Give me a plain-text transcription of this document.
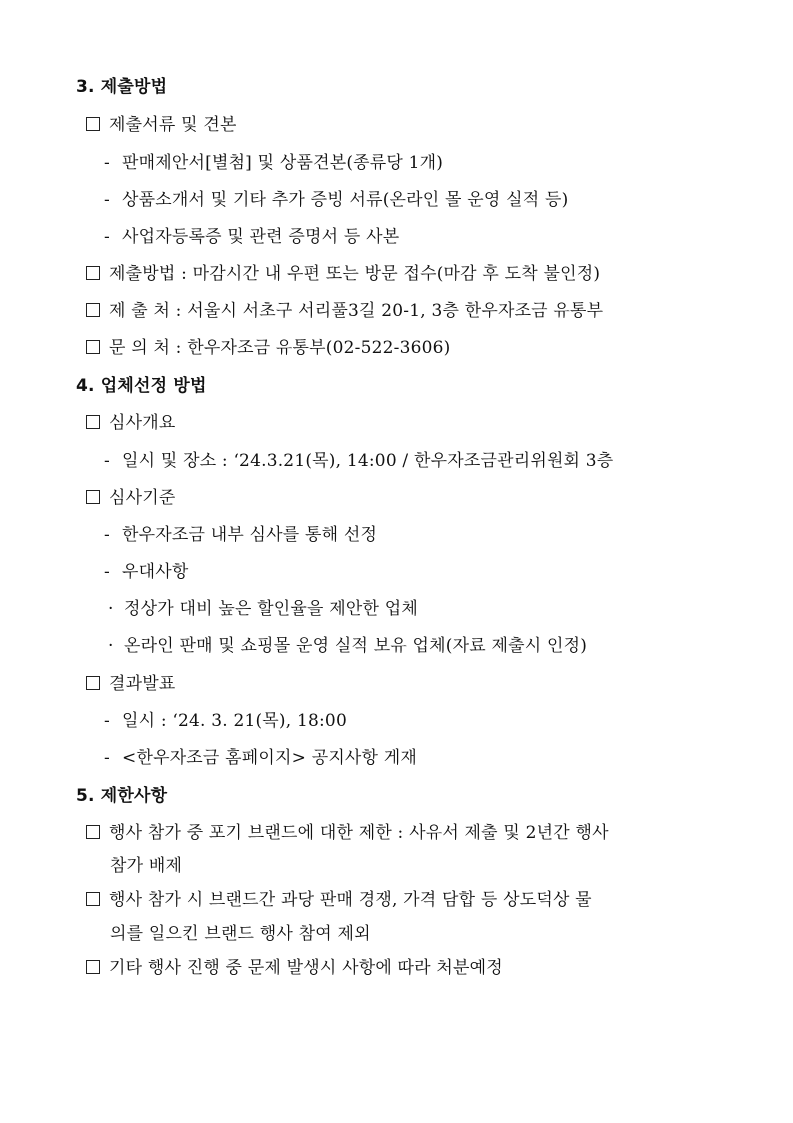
3. 제출방법
제출서류 및 견본
- 판매제안서[별첨] 및 상품견본(종류당 1개)
- 상품소개서 및 기타 추가 증빙 서류(온라인 몰 운영 실적 등)
- 사업자등록증 및 관련 증명서 등 사본
제출방법 : 마감시간 내 우편 또는 방문 접수(마감 후 도착 불인정)
제 출 처 : 서울시 서초구 서리풀3길 20-1, 3층 한우자조금 유통부
문 의 처 : 한우자조금 유통부(02-522-3606)
4. 업체선정 방법
심사개요
- 일시 및 장소 : ‘24.3.21(목), 14:00 / 한우자조금관리위원회 3층
심사기준
- 한우자조금 내부 심사를 통해 선정
- 우대사항
· 정상가 대비 높은 할인율을 제안한 업체
· 온라인 판매 및 쇼핑몰 운영 실적 보유 업체(자료 제출시 인정)
결과발표
- 일시 : ‘24. 3. 21(목), 18:00
- <한우자조금 홈페이지> 공지사항 게재
5. 제한사항
행사 참가 중 포기 브랜드에 대한 제한 : 사유서 제출 및 2년간 행사
참가 배제
행사 참가 시 브랜드간 과당 판매 경쟁, 가격 담합 등 상도덕상 물
의를 일으킨 브랜드 행사 참여 제외
기타 행사 진행 중 문제 발생시 사항에 따라 처분예정
